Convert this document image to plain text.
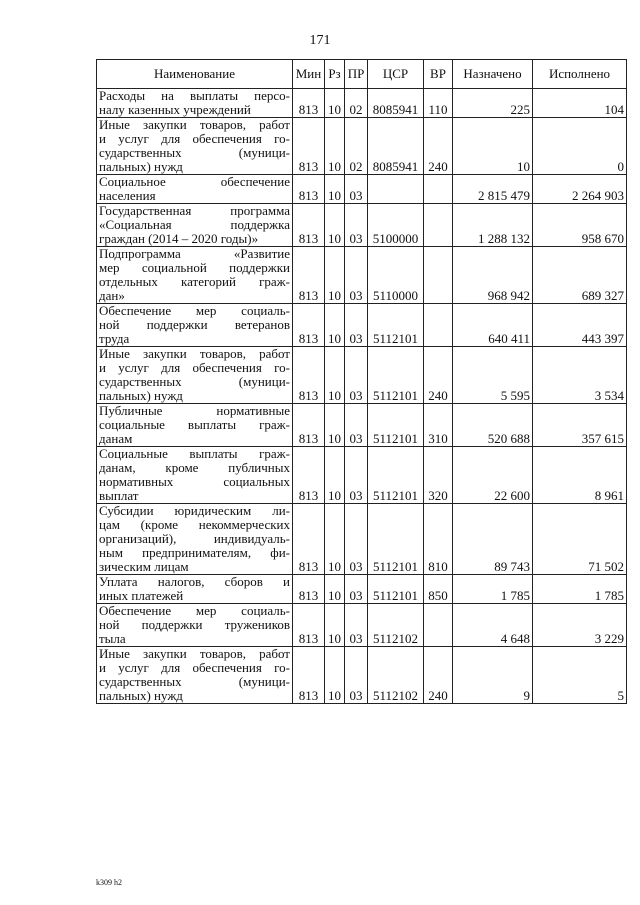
171
Наименование	Мин	Рз	ПР	ЦСР	ВР	Назначено	Исполнено

Расходы на выплаты персо-
налу казенных учреждений	813	10	02	8085941	110	225	104

Иные закупки товаров, работ
и услуг для обеспечения го-
сударственных (муници-
пальных) нужд	813	10	02	8085941	240	10	0

Социальное обеспечение
населения	813	10	03			2 815 479	2 264 903

Государственная программа
«Социальная поддержка
граждан (2014 – 2020 годы)»	813	10	03	5100000		1 288 132	958 670

Подпрограмма «Развитие
мер социальной поддержки
отдельных категорий граж-
дан»	813	10	03	5110000		968 942	689 327

Обеспечение мер социаль-
ной поддержки ветеранов
труда	813	10	03	5112101		640 411	443 397

Иные закупки товаров, работ
и услуг для обеспечения го-
сударственных (муници-
пальных) нужд	813	10	03	5112101	240	5 595	3 534

Публичные нормативные
социальные выплаты граж-
данам	813	10	03	5112101	310	520 688	357 615

Социальные выплаты граж-
данам, кроме публичных
нормативных социальных
выплат	813	10	03	5112101	320	22 600	8 961

Субсидии юридическим ли-
цам (кроме некоммерческих
организаций), индивидуаль-
ным предпринимателям, фи-
зическим лицам	813	10	03	5112101	810	89 743	71 502

Уплата налогов, сборов и
иных платежей	813	10	03	5112101	850	1 785	1 785

Обеспечение мер социаль-
ной поддержки тружеников
тыла	813	10	03	5112102		4 648	3 229

Иные закупки товаров, работ
и услуг для обеспечения го-
сударственных (муници-
пальных) нужд	813	10	03	5112102	240	9	5
k309 h2
